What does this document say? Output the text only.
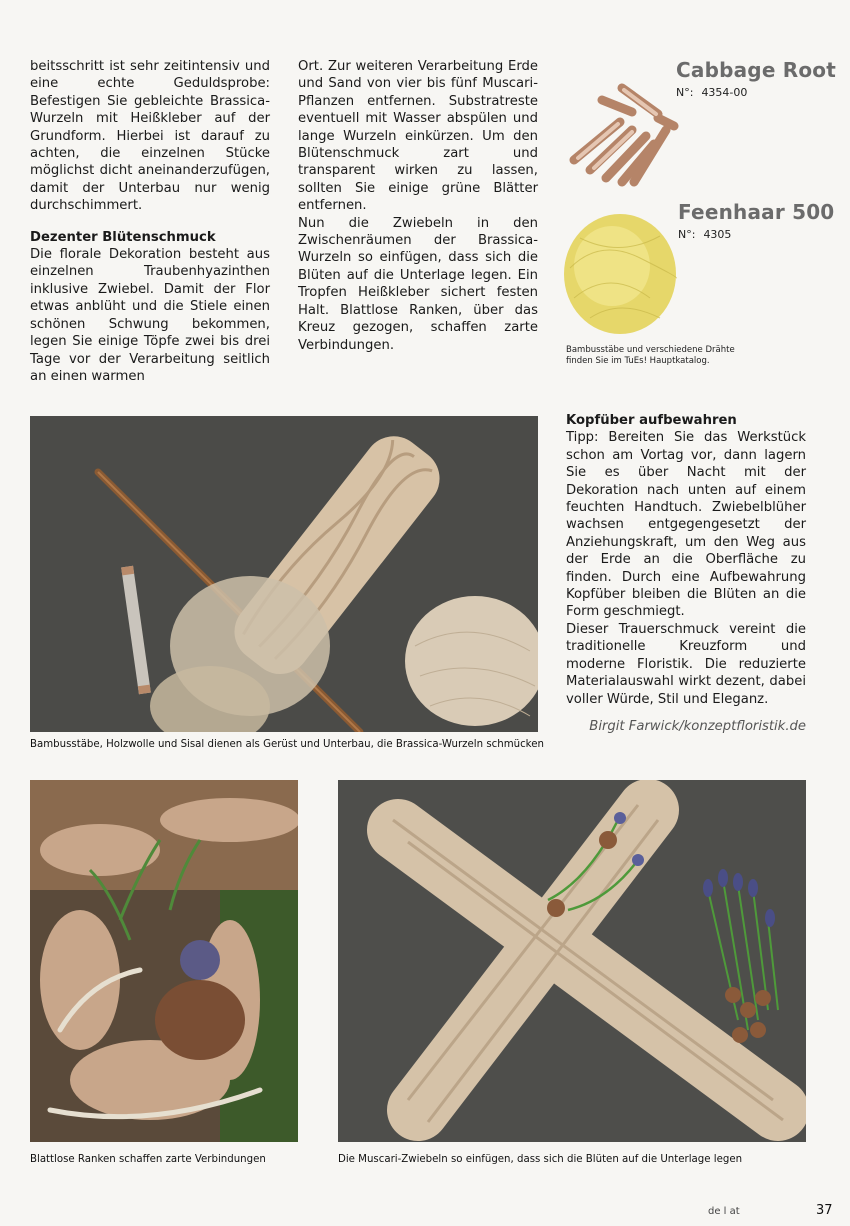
beitsschritt ist sehr zeitintensiv und eine echte Geduldsprobe: Befestigen Sie gebleichte Brassica-Wurzeln mit Heißkleber auf der Grundform. Hierbei ist darauf zu achten, die einzelnen Stücke möglichst dicht aneinanderzufügen, damit der Unterbau nur wenig durchschimmert.

Dezenter Blütenschmuck

Die florale Dekoration besteht aus einzelnen Traubenhyazinthen inklusive Zwiebel. Damit der Flor etwas anblüht und die Stiele einen schönen Schwung bekommen, legen Sie einige Töpfe zwei bis drei Tage vor der Verarbeitung seitlich an einen warmen

Ort. Zur weiteren Verarbeitung Erde und Sand von vier bis fünf Muscari-Pflanzen entfernen. Substratreste eventuell mit Wasser abspülen und lange Wurzeln einkürzen. Um den Blütenschmuck zart und transparent wirken zu lassen, sollten Sie einige grüne Blätter entfernen.

Nun die Zwiebeln in den Zwischenräumen der Brassica-Wurzeln so einfügen, dass sich die Blüten auf die Unterlage legen. Ein Tropfen Heißkleber sichert festen Halt. Blattlose Ranken, über das Kreuz gezogen, schaffen zarte Verbindungen.

Cabbage Root
N°: 4354-00
Feenhaar 500
N°: 4305
Bambusstäbe und verschiedene Drähte finden Sie im TuEs! Hauptkatalog.
Bambusstäbe, Holzwolle und Sisal dienen als Gerüst und Unterbau, die Brassica-Wurzeln schmücken
Kopfüber aufbewahren

Tipp: Bereiten Sie das Werkstück schon am Vortag vor, dann lagern Sie es über Nacht mit der Dekoration nach unten auf einem feuchten Handtuch. Zwiebelblüher wachsen entgegengesetzt der Anziehungskraft, um den Weg aus der Erde an die Oberfläche zu finden. Durch eine Aufbewahrung Kopfüber bleiben die Blüten an die Form geschmiegt.

Dieser Trauerschmuck vereint die traditionelle Kreuzform und moderne Floristik. Die reduzierte Materialauswahl wirkt dezent, dabei voller Würde, Stil und Eleganz.

Birgit Farwick/konzeptfloristik.de

Blattlose Ranken schaffen zarte Verbindungen	Die Muscari-Zwiebeln so einfügen, dass sich die Blüten auf die Unterlage legen
de l at	37
